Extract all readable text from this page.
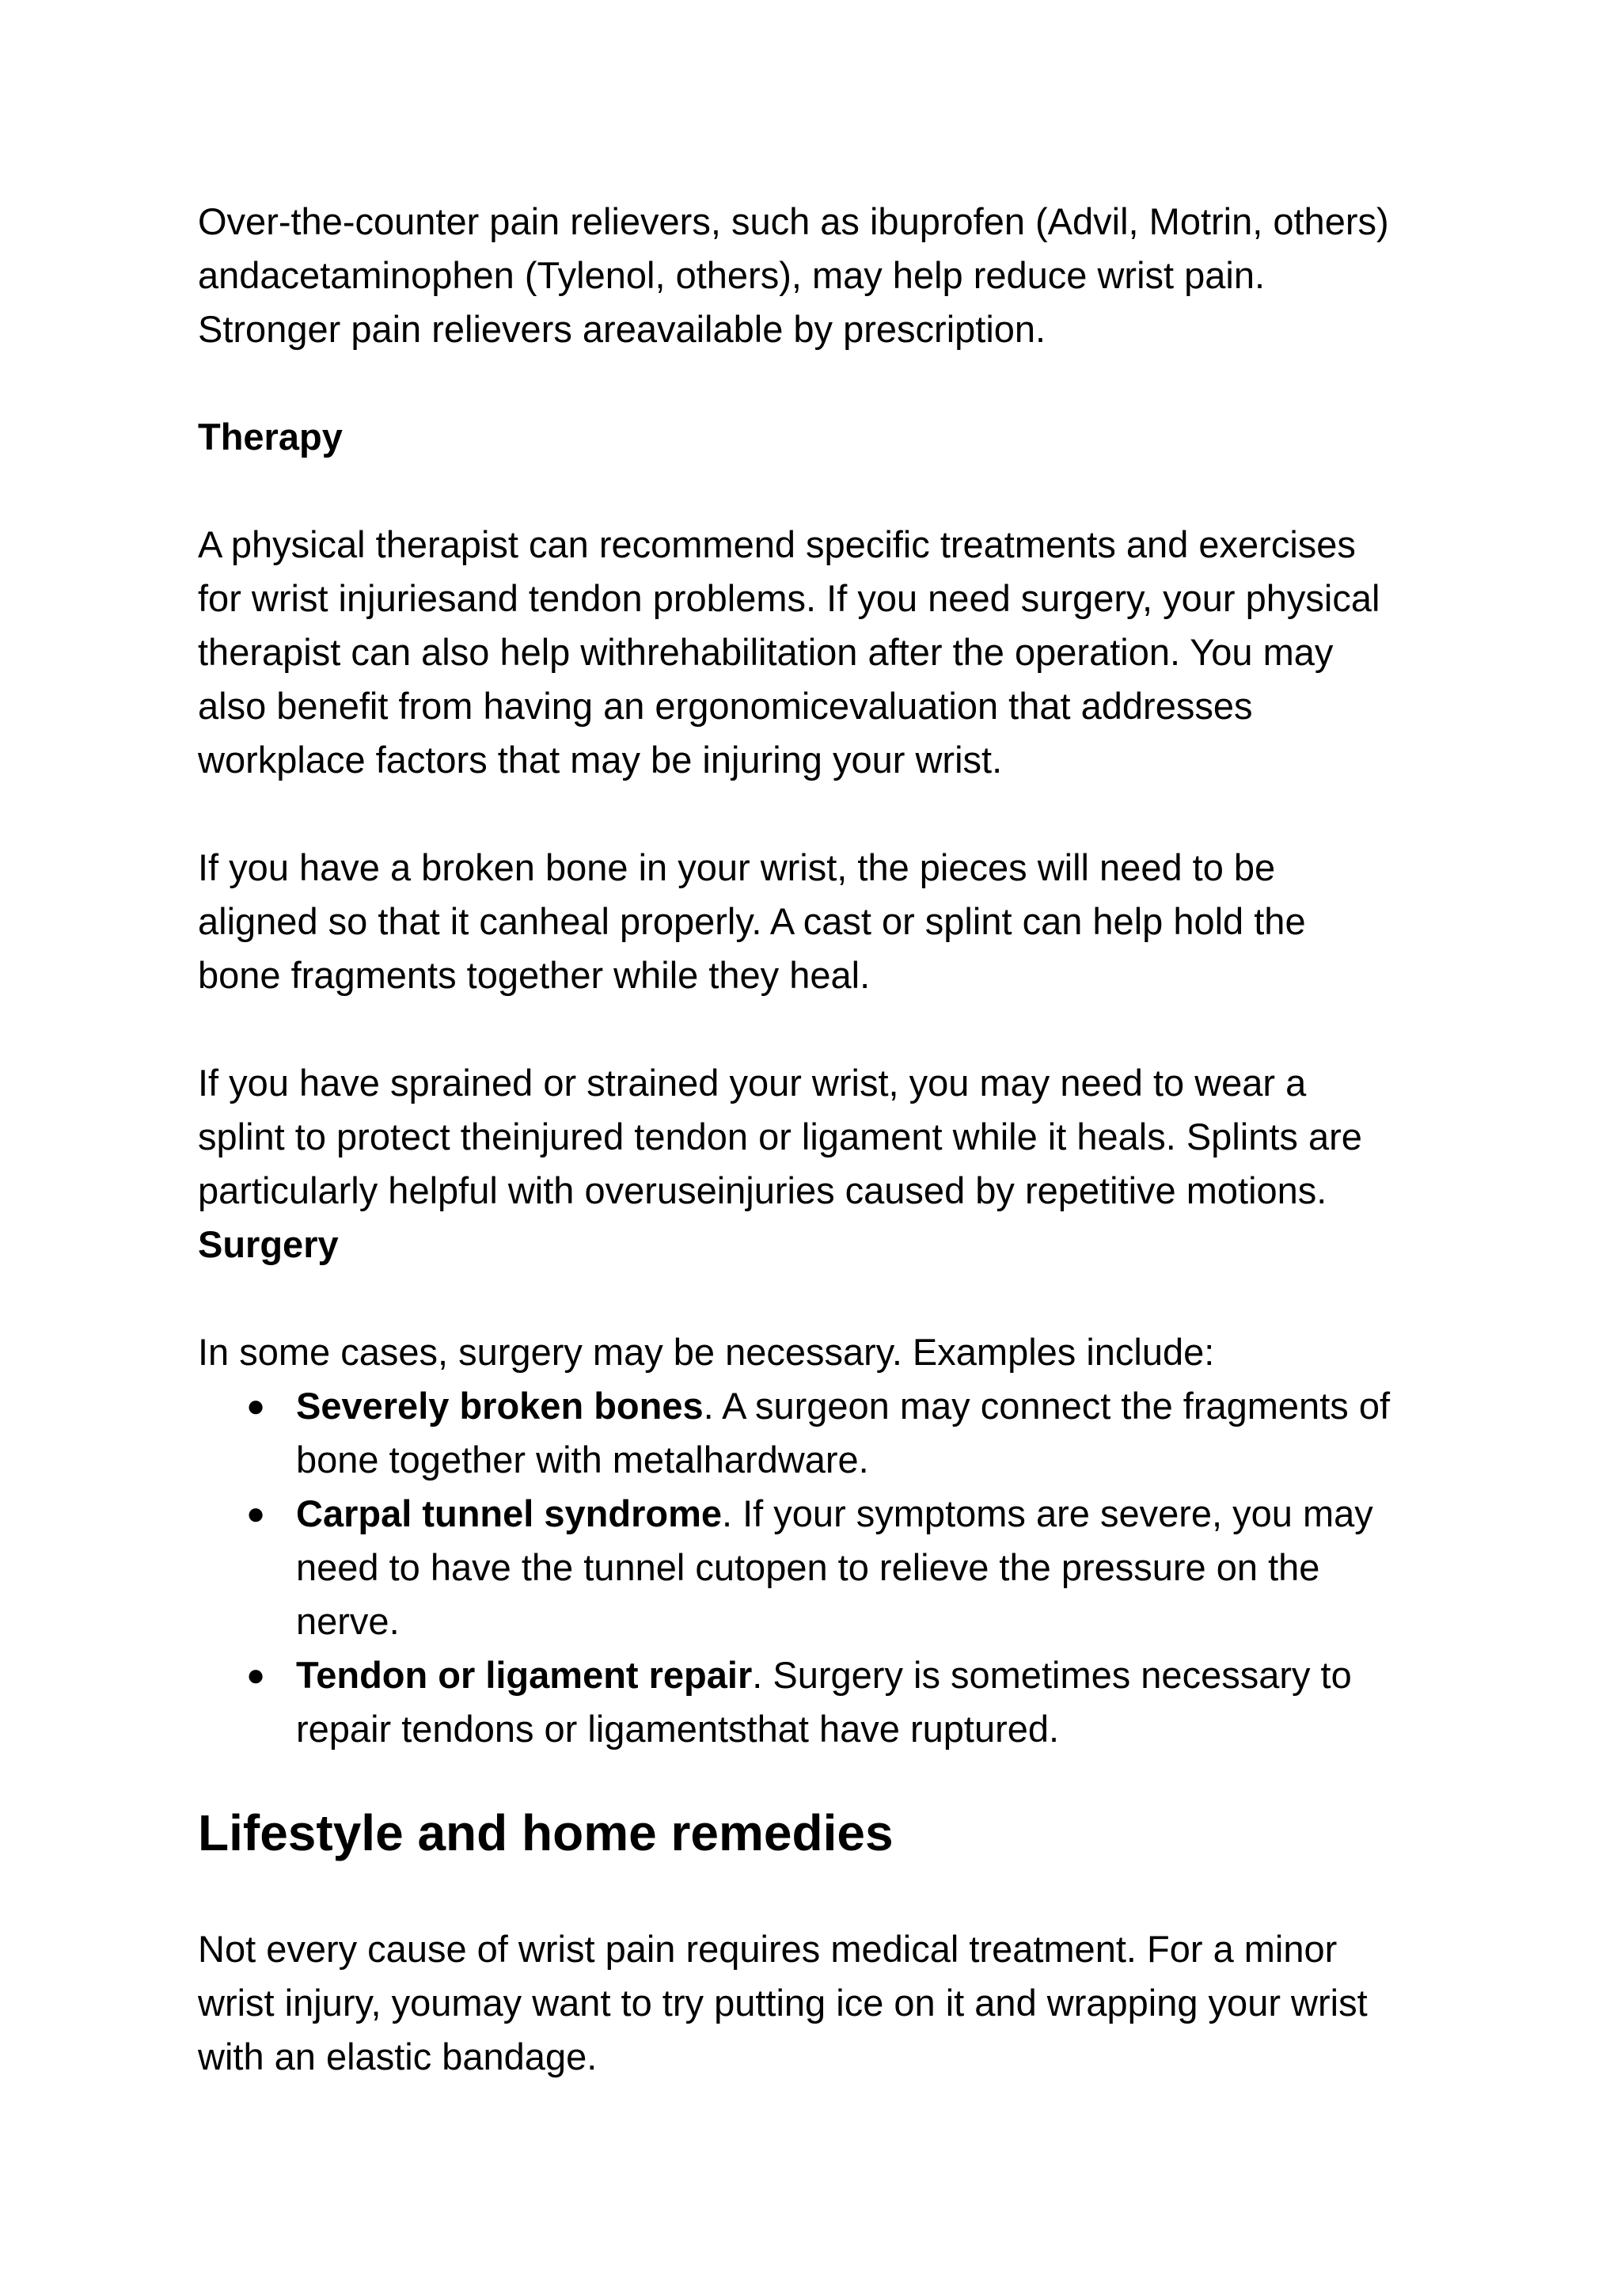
Over-the-counter pain relievers, such as ibuprofen (Advil, Motrin, others)

andacetaminophen (Tylenol, others), may help reduce wrist pain.

Stronger pain relievers areavailable by prescription.

Therapy

A physical therapist can recommend specific treatments and exercises

for wrist injuriesand tendon problems. If you need surgery, your physical

therapist can also help withrehabilitation after the operation. You may

also benefit from having an ergonomicevaluation that addresses

workplace factors that may be injuring your wrist.

If you have a broken bone in your wrist, the pieces will need to be

aligned so that it canheal properly. A cast or splint can help hold the

bone fragments together while they heal.

If you have sprained or strained your wrist, you may need to wear a

splint to protect theinjured tendon or ligament while it heals. Splints are

particularly helpful with overuseinjuries caused by repetitive motions.

Surgery

In some cases, surgery may be necessary. Examples include:

● Severely broken bones. A surgeon may connect the fragments of
bone together with metalhardware.
● Carpal tunnel syndrome. If your symptoms are severe, you may
need to have the tunnel cutopen to relieve the pressure on the
nerve.
● Tendon or ligament repair. Surgery is sometimes necessary to
repair tendons or ligamentsthat have ruptured.
Lifestyle and home remedies

Not every cause of wrist pain requires medical treatment. For a minor

wrist injury, youmay want to try putting ice on it and wrapping your wrist

with an elastic bandage.
